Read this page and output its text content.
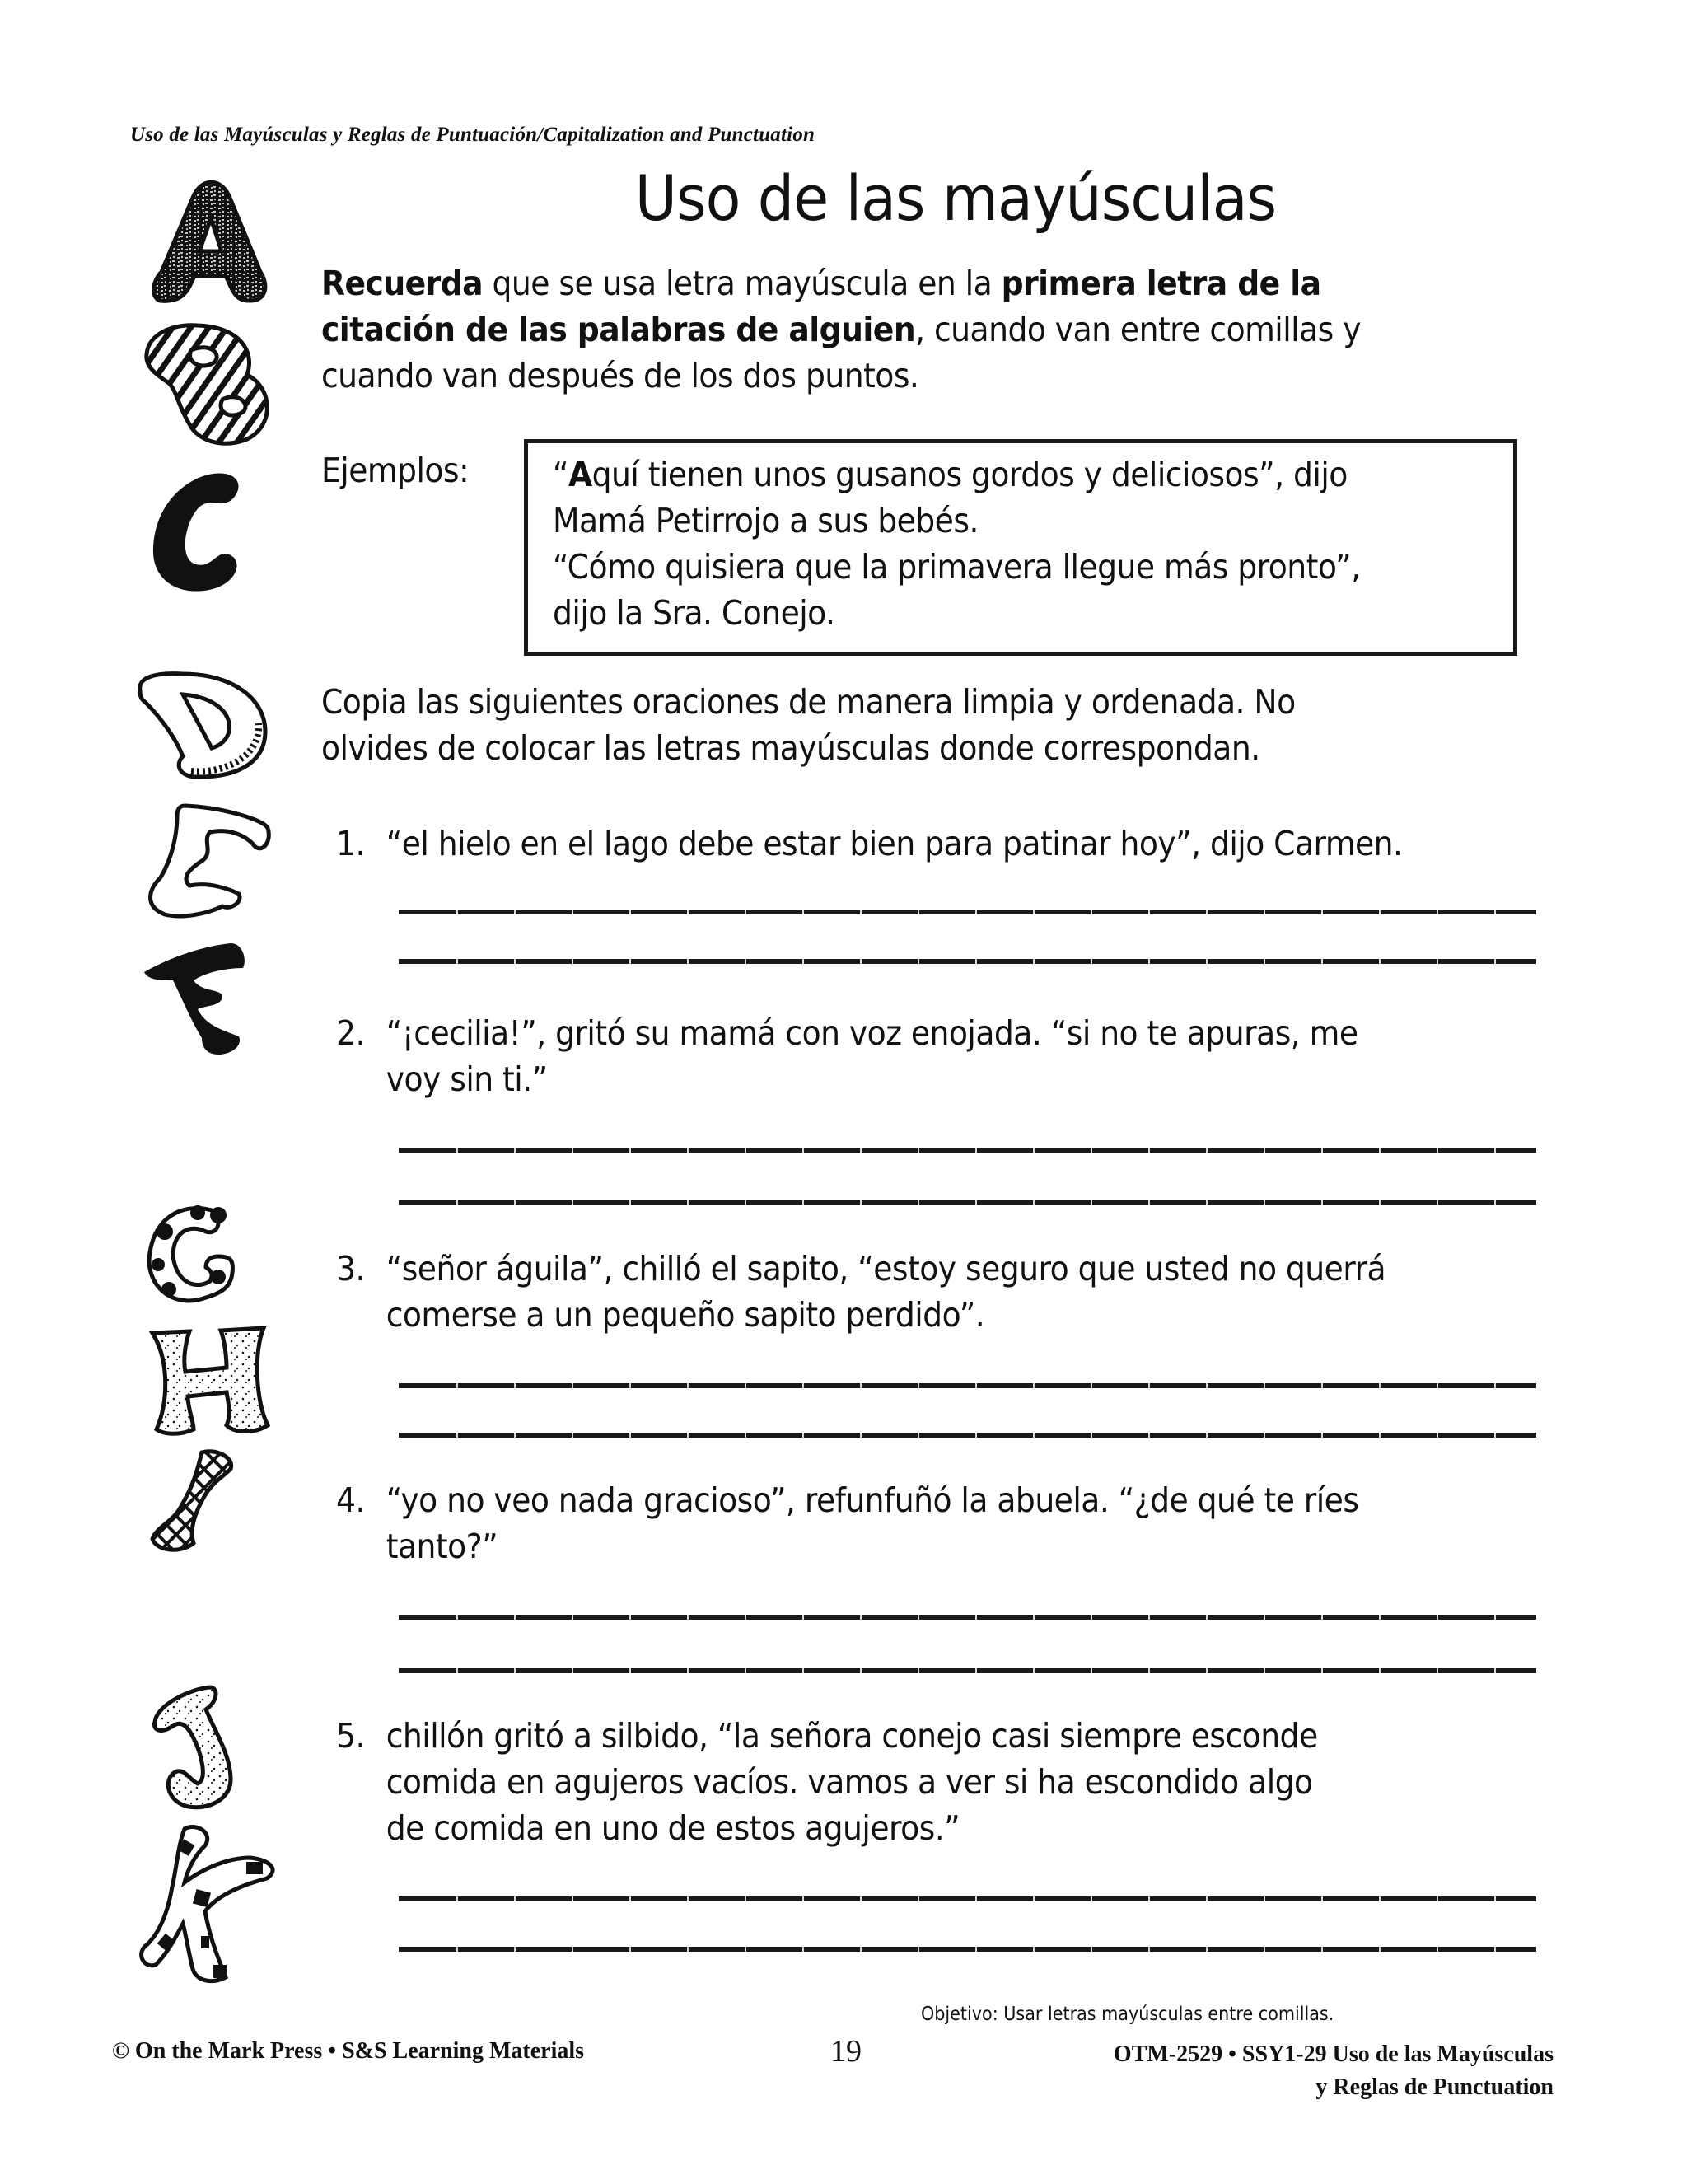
Uso de las Mayúsculas y Reglas de Puntuación/Capitalization and Punctuation
Uso de las mayúsculas
Recuerda que se usa letra mayúscula en la primera letra de la
citación de las palabras de alguien, cuando van entre comillas y
cuando van después de los dos puntos.
Ejemplos: “Aquí tienen unos gusanos gordos y deliciosos”, dijo
Mamá Petirrojo a sus bebés.
“Cómo quisiera que la primavera llegue más pronto”,
dijo la Sra. Conejo.
Copia las siguientes oraciones de manera limpia y ordenada. No
olvides de colocar las letras mayúsculas donde correspondan.
1. “el hielo en el lago debe estar bien para patinar hoy”, dijo Carmen.
2. “¡cecilia!”, gritó su mamá con voz enojada. “si no te apuras, me
voy sin ti.”
3. “señor águila”, chilló el sapito, “estoy seguro que usted no querrá
comerse a un pequeño sapito perdido”.
4. “yo no veo nada gracioso”, refunfuñó la abuela. “¿de qué te ríes
tanto?”
5. chillón gritó a silbido, “la señora conejo casi siempre esconde
comida en agujeros vacíos. vamos a ver si ha escondido algo
de comida en uno de estos agujeros.”
Objetivo: Usar letras mayúsculas entre comillas.
© On the Mark Press • S&S Learning Materials	19	OTM-2529 • SSY1-29 Uso de las Mayúsculas
y Reglas de Punctuation
